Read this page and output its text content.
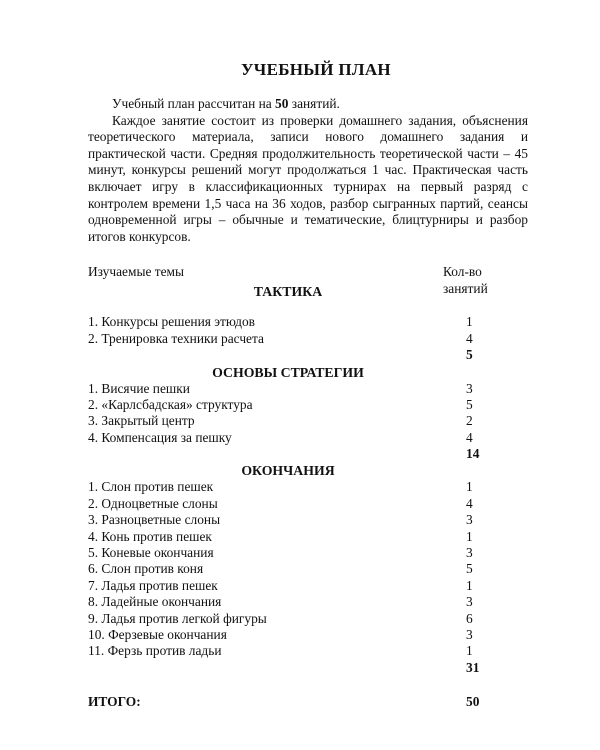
УЧЕБНЫЙ ПЛАН

Учебный план рассчитан на 50 занятий.

Каждое занятие состоит из проверки домашнего задания, объяснения теоретического материала, записи нового домашнего задания и практической части. Средняя продолжительность теоретической части – 45 минут, конкурсы решений могут продолжаться 1 час. Практическая часть включает игру в классификационных турнирах на первый разряд с контролем времени 1,5 часа на 36 ходов, разбор сыгранных партий, сеансы одновременной игры – обычные и тематические, блицтурниры и разбор итогов конкурсов.

Изучаемые темы	Кол-во
занятий
ТАКТИКА
1. Конкурсы решения этюдов	1
2. Тренировка техники расчета	4
5
ОСНОВЫ СТРАТЕГИИ
1. Висячие пешки	3
2. «Карлсбадская» структура	5
3. Закрытый центр	2
4. Компенсация за пешку	4
14
ОКОНЧАНИЯ
1. Слон против пешек	1
2. Одноцветные слоны	4
3. Разноцветные слоны	3
4. Конь против пешек	1
5. Коневые окончания	3
6. Слон против коня	5
7. Ладья против пешек	1
8. Ладейные окончания	3
9. Ладья против легкой фигуры	6
10. Ферзевые окончания	3
11. Ферзь против ладьи	1
31
ИТОГО:	50
